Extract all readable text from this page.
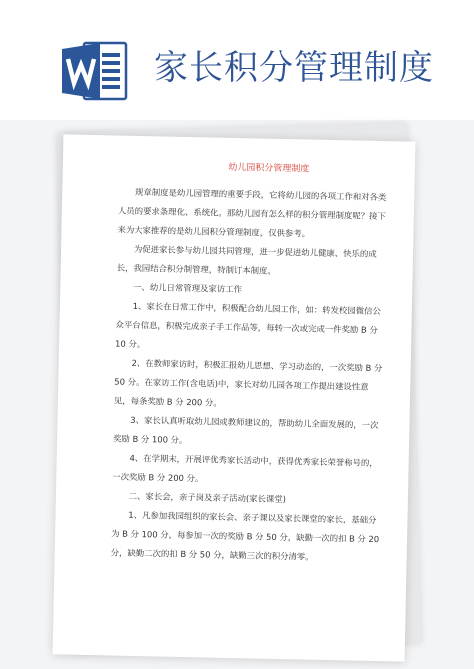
家长积分管理制度
幼儿园积分管理制度

规章制度是幼儿园管理的重要手段，它将幼儿园的各项工作和对各类人员的要求条理化、系统化。那幼儿园有怎么样的积分管理制度呢？接下来为大家推荐的是幼儿园积分管理制度，仅供参考。

为促进家长参与幼儿园共同管理，进一步促进幼儿健康、快乐的成长，我园结合积分制管理，特制订本制度。

一、幼儿日常管理及家访工作

1、家长在日常工作中，积极配合幼儿园工作，如：转发校园微信公众平台信息，积极完成亲子手工作品等，每转一次或完成一件奖励 B 分 10 分。

2、在教师家访时，积极汇报幼儿思想、学习动态的，一次奖励 B 分 50 分。在家访工作(含电话)中，家长对幼儿园各项工作提出建设性意见，每条奖励 B 分 200 分。

3、家长认真听取幼儿园或教师建议的，帮助幼儿全面发展的，一次奖励 B 分 100 分。

4、在学期末，开展评优秀家长活动中，获得优秀家长荣誉称号的，一次奖励 B 分 200 分。

二、家长会，亲子岗及亲子活动(家长课堂)

1、凡参加我园组织的家长会、亲子课以及家长课堂的家长，基础分为 B 分 100 分，每参加一次的奖励 B 分 50 分，缺勤一次的扣 B 分 20 分，缺勤二次的扣 B 分 50 分，缺勤三次的积分清零。
